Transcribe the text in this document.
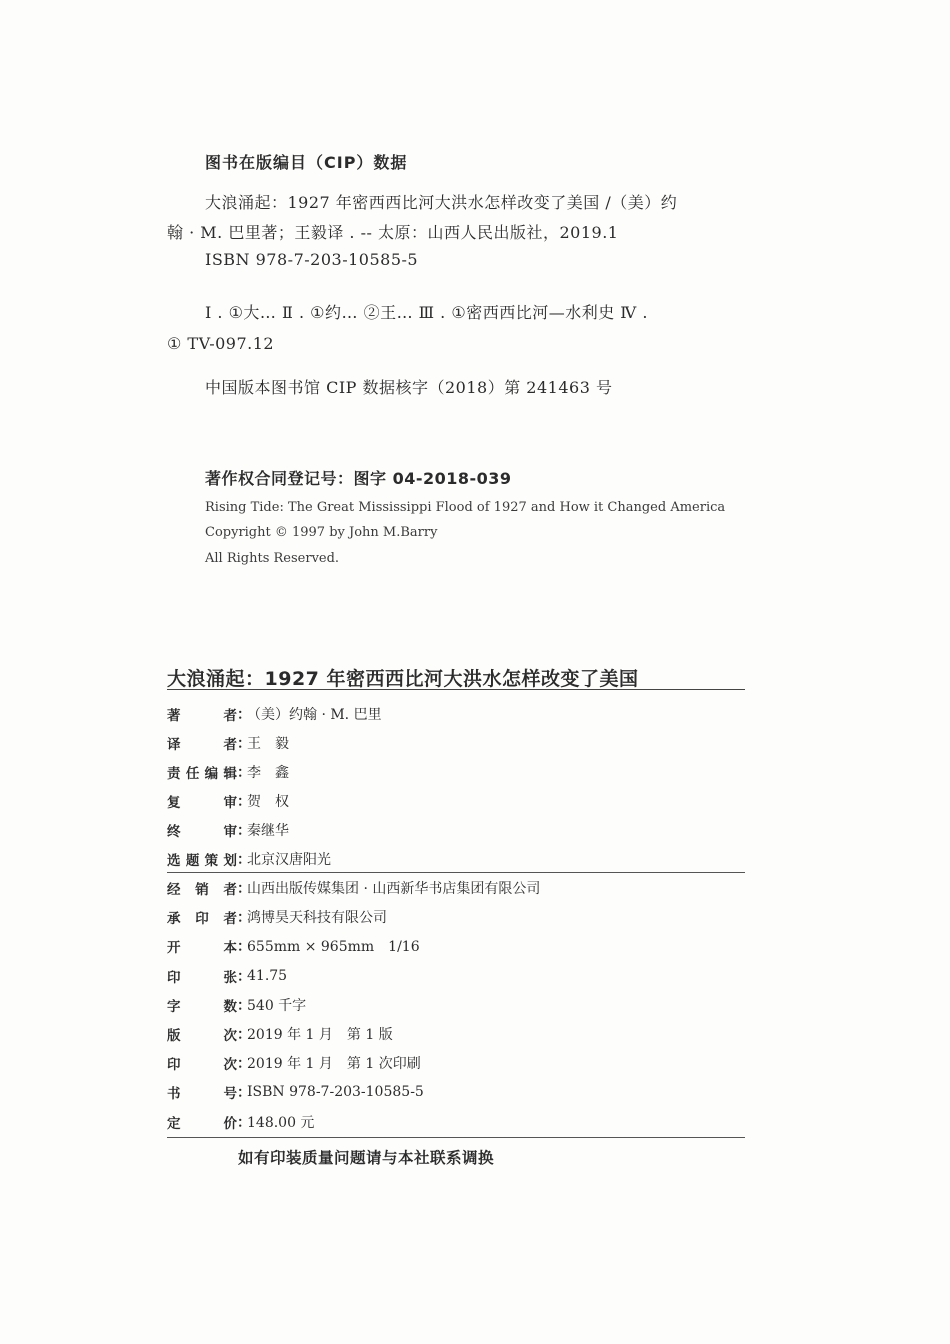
图书在版编目（CIP）数据
大浪涌起：1927 年密西西比河大洪水怎样改变了美国 /（美）约
翰 · M. 巴里著；王毅译 . -- 太原：山西人民出版社，2019.1
ISBN 978-7-203-10585-5
Ⅰ . ①大… Ⅱ . ①约… ②王… Ⅲ . ①密西西比河—水利史 Ⅳ .
① TV-097.12
中国版本图书馆 CIP 数据核字（2018）第 241463 号
著作权合同登记号：图字 04-2018-039
Rising Tide: The Great Mississippi Flood of 1927 and How it Changed America
Copyright © 1997 by John M.Barry
All Rights Reserved.
大浪涌起：1927 年密西西比河大洪水怎样改变了美国
著	者 ：
（美）约翰 · M. 巴里
译	者 ：
王　毅
责 任 编 辑 ：
李　鑫
复	审 ：
贺　权
终	审 ：
秦继华
选 题 策 划 ：
北京汉唐阳光
经 销 者 ：
山西出版传媒集团 · 山西新华书店集团有限公司
承 印 者 ：
鸿博昊天科技有限公司
开	本 ：
655mm × 965mm　1/16
印	张 ：
41.75
字	数 ：
540 千字
版	次 ：
2019 年 1 月　第 1 版
印	次 ：
2019 年 1 月　第 1 次印刷
书	号 ：
ISBN 978-7-203-10585-5
定	价 ：
148.00 元
如有印装质量问题请与本社联系调换
